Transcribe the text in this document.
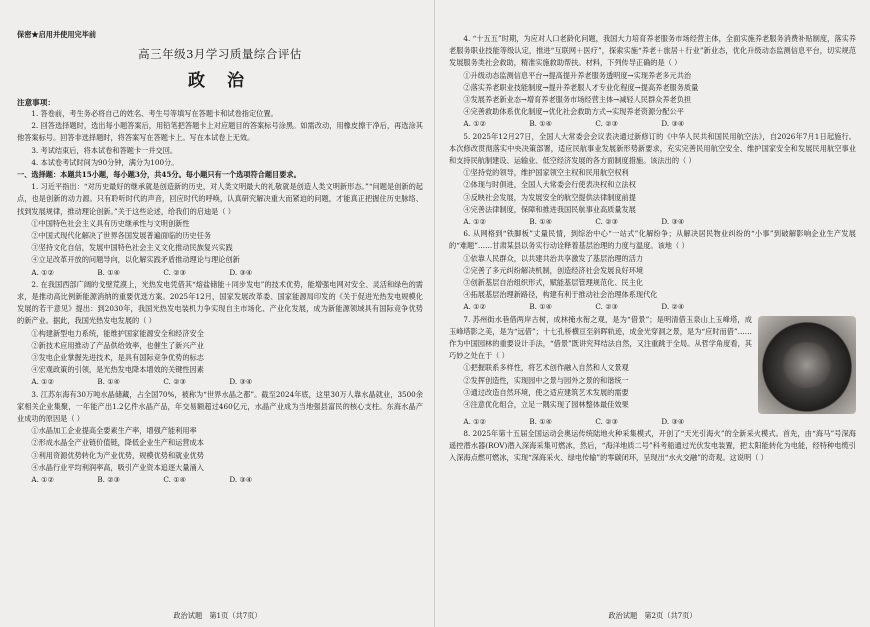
保密★启用并使用完毕前

高三年级3月学习质量综合评估

政 治

注意事项：

1. 答卷前，考生务必将自己的姓名、考生号等填写在答题卡和试卷指定位置。

2. 回答选择题时，选出每小题答案后，用铅笔把答题卡上对应题目的答案标号涂黑。如需改动，用橡皮擦干净后，再选涂其他答案标号。回答非选择题时，将答案写在答题卡上。写在本试卷上无效。

3. 考试结束后，将本试卷和答题卡一并交回。

4. 本试卷考试时间为90分钟，满分为100分。

一、选择题：本题共15小题，每小题3分，共45分。每小题只有一个选项符合题目要求。

1. 习近平指出：“对历史最好的继承就是创造新的历史，对人类文明最大的礼敬就是创造人类文明新形态。”“问题是创新的起点，也是创新的动力源。只有聆听时代的声音，回应时代的呼唤，认真研究解决重大而紧迫的问题，才能真正把握住历史脉络、找到发展规律，推动理论创新。”关于这些论述，给我们的启迪是（ ）

①中国特色社会主义具有历史继承性与文明创新性

②中国式现代化解决了世界各国发展普遍面临的历史任务

③坚持文化自信，发展中国特色社会主义文化推动民族复兴实践

④立足改革开放的问题导向，以化解实践矛盾推动理论与理论创新

A. ①②	B. ①④	C. ②③	D. ③④

2. 在我国西部广阔的戈壁荒漠上，光热发电凭借其“熔盐储能＋同步发电”的技术优势，能增强电网对安全、灵活和绿色的需求，是推动高比例新能源消纳的重要优选方案。2025年12月，国家发展改革委、国家能源局印发的《关于促进光热发电规模化发展的若干意见》提出：到2030年，我国光热发电装机力争实现自主市场化、产业化发展，成为新能源领域具有国际竞争优势的新产业。据此，我国光热发电发展的（ ）

①构建新型电力系统，能维护国家能源安全和经济安全

②新技术应用推动了产品供给效率，也催生了新兴产业

③发电企业掌握先进技术，是具有国际竞争优势的标志

④宏观政策的引领，是光热发电降本增效的关键性因素

A. ①②	B. ①④	C. ②③	D. ③④

3. 江苏东海有30万吨水晶储藏，占全国70%，被称为“世界水晶之都”。截至2024年底，这里30万人靠水晶就业，3500余家相关企业集聚，一年能产出1.2亿件水晶产品，年交易额超过460亿元，水晶产业成为当地强县富民的核心支柱。东海水晶产业成功的原因是（ ）

①水晶加工企业提高全要素生产率，增强产能利用率

②形成水晶全产业链价值链，降低企业生产和运营成本

③利用资源优势转化为产业优势，规模优势和就业优势

④水晶行业平均利润率高，吸引产业资本追逐大量涌入

A. ①②	B. ②③	C. ①④	D. ③④
政治试题　第1页（共7页）

4. “十五五”时期，为应对人口老龄化问题，我国大力培育养老服务市场经营主体，全面实施养老服务消费补贴制度，落实养老服务职业技能等级认定，推进“互联网＋医疗”，探索实施“养老＋旅居＋行业”新业态，优化升级动态监测信息平台，切实规范发展服务类社会救助，精准实施救助帮扶。材料，下列传导正确的是（ ）

①升级动态监测信息平台→提高提升养老服务透明度→实现养老多元共治

②落实养老职业技能制度→提升养老服人才专业化程度→提高养老服务质量

③发展养老新业态→增育养老服务市场经营主体→减轻人民群众养老负担

④完善救助体系优化制度→优化社会救助方式→实现养老资源分配公平

A. ①②	B. ①④	C. ②③	D. ③④

5. 2025年12月27日，全国人大常委会会议表决通过新修订的《中华人民共和国民用航空法》，自2026年7月1日起施行。本次修改贯彻落实中央决策部署，适应民航事业发展新形势新要求，充实完善民用航空安全、维护国家安全和发展民用航空事业和支持民航制建设、运输业、低空经济发展的各方面制度措施。该法出的（ ）

①坚持党的领导，维护国家领空主权和民用航空权利

②体现与时俱进，全国人大常委会行使表决权和立法权

③反映社会发展，为发展安全的航空提供法律制度前提

④完善法律制度，保障和推进我国民航事业高质量发展

A. ①②	B. ①④	C. ②③	D. ③④

6. 从网格到“铁脚板”丈量民情，到综治中心“一站式”化解纷争；从解决居民物业纠纷的“小事”到破解影响企业生产发展的“难题”……甘肃某县以务实行动诠释着基层治理的力度与温度。该地（ ）

①依靠人民群众，以共建共治共享激发了基层治理的活力

②完善了多元纠纷解决机制，创造经济社会发展良好环境

③创新基层自治组织形式，赋能基层管理规范化、民主化

④拓展基层治理新路径，构建有利于推动社会治理体系现代化

A. ①②	B. ①④	C. ②③	D. ②④

7. 苏州街水巷借两岸古树，成林掩水衔之观，是为“借景”；是明清借玉泉山上玉峰塔，成玉峰塔影之美，是为“远借”；十七孔桥横亘至斜晖轨迹，成金光穿洞之景，是为“应时而借”……作为中国园林的重要设计手法，“借景”既讲究拜结法自然，又注重跳于全局。从哲学角度看，其巧妙之处在于（ ）

①把握联系多样性，将艺术创作融入自然和人文景观

②发挥创造性，实现园中之景与园外之景的和谐统一

③通过改造自然环境，使之适应建筑艺术发展的需要

④注意优化组合，立足一隅实现了园林整体最佳效果

A. ①②	B. ①④	C. ②③	D. ③④

8. 2025年第十五届全国运动会奥运传统陆地火种采集模式，开创了“天光引海火”的全新采火模式。首先，由“海马”号深海遥控潜水器(ROV)潜入深海采集可燃冰，然后，“海洋地质二号”科考船通过光伏发电装置，把太阳能转化为电能，经特种电缆引入深海点燃可燃冰，实现“深海采火、绿电传输”的零碳闭环，呈现出“水火交融”的奇观。这说明（ ）

政治试题　第2页（共7页）
